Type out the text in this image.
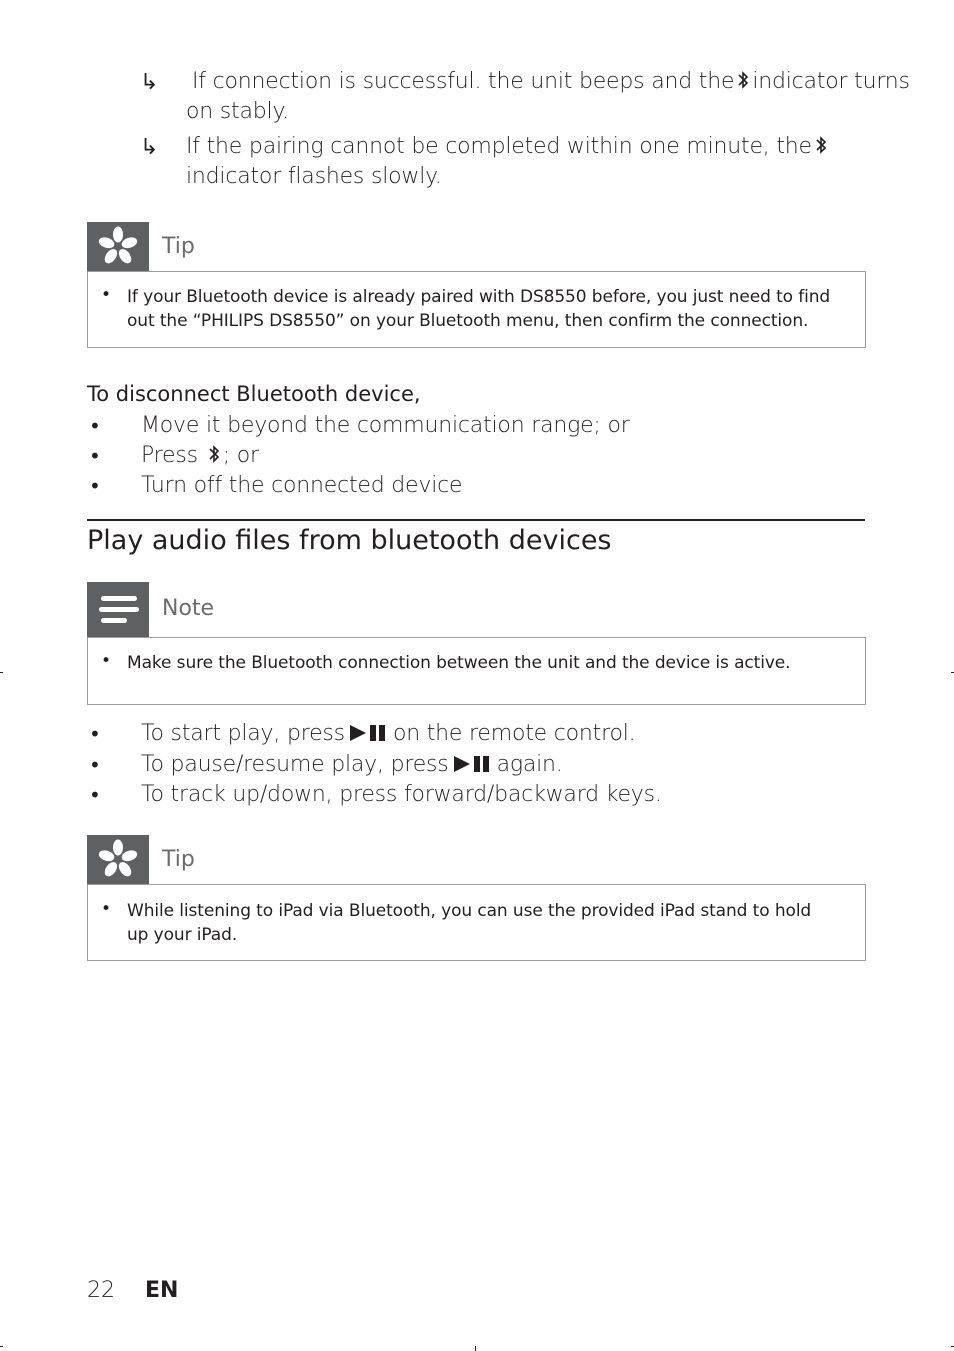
↳ If connection is successful. the unit beeps and the indicator turns
on stably.
↳ If the pairing cannot be completed within one minute, the
indicator flashes slowly.
Tip
• If your Bluetooth device is already paired with DS8550 before, you just need to find
out the “PHILIPS DS8550” on your Bluetooth menu, then confirm the connection.
To disconnect Bluetooth device,
• Move it beyond the communication range; or
• Press ; or
• Turn off the connected device
Play audio files from bluetooth devices
Note
• Make sure the Bluetooth connection between the unit and the device is active.
• To start play, press on the remote control.
• To pause/resume play, press again.
• To track up/down, press forward/backward keys.
Tip
• While listening to iPad via Bluetooth, you can use the provided iPad stand to hold
up your iPad.
22 EN
